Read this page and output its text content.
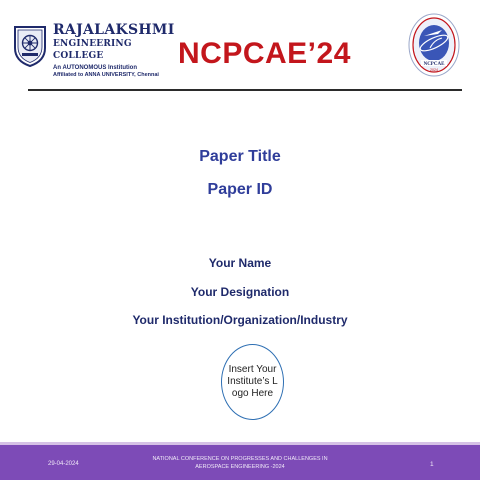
RAJALAKSHMI
ENGINEERING COLLEGE
An AUTONOMOUS Institution
Affiliated to ANNA UNIVERSITY, Chennai
NCPCAE’24	NCPCAE
2024
Paper Title
Paper ID
Your Name
Your Designation
Your Institution/Organization/Industry
Insert Your Institute’s Logo Here
29-04-2024
NATIONAL CONFERENCE ON PROGRESSES AND CHALLENGES IN
AEROSPACE ENGINEERING -2024	1
